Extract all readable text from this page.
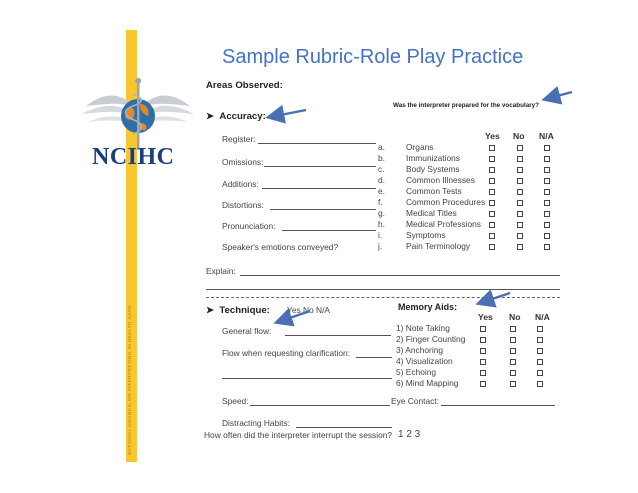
NATIONAL COUNCIL ON INTERPRETING IN HEALTH CARE
NCIHC
Sample Rubric-Role Play Practice
Areas Observed:
➤ Accuracy:
Was the interpreter prepared for the vocabulary?
Yes No N/A
Register:
Omissions:
Additions:
Distortions:
Pronunciation:
Speaker's emotions conveyed?
a.	Organs
b.	Immunizations
c.	Body Systems
d.	Common Illnesses
e.	Common Tests
f.	Common Procedures
g.	Medical Titles
h.	Medical Professions
i.	Symptoms
j.	Pain Terminology
Explain:
➤ Technique: Yes No N/A
General flow:
Flow when requesting clarification:
Memory Aids:
Yes No N/A
1) Note Taking
2) Finger Counting
3) Anchoring
4) Visualization
5) Echoing
6) Mind Mapping
Speed:	Eye Contact:
Distracting Habits:
How often did the interpreter interrupt the session? 1 2 3
